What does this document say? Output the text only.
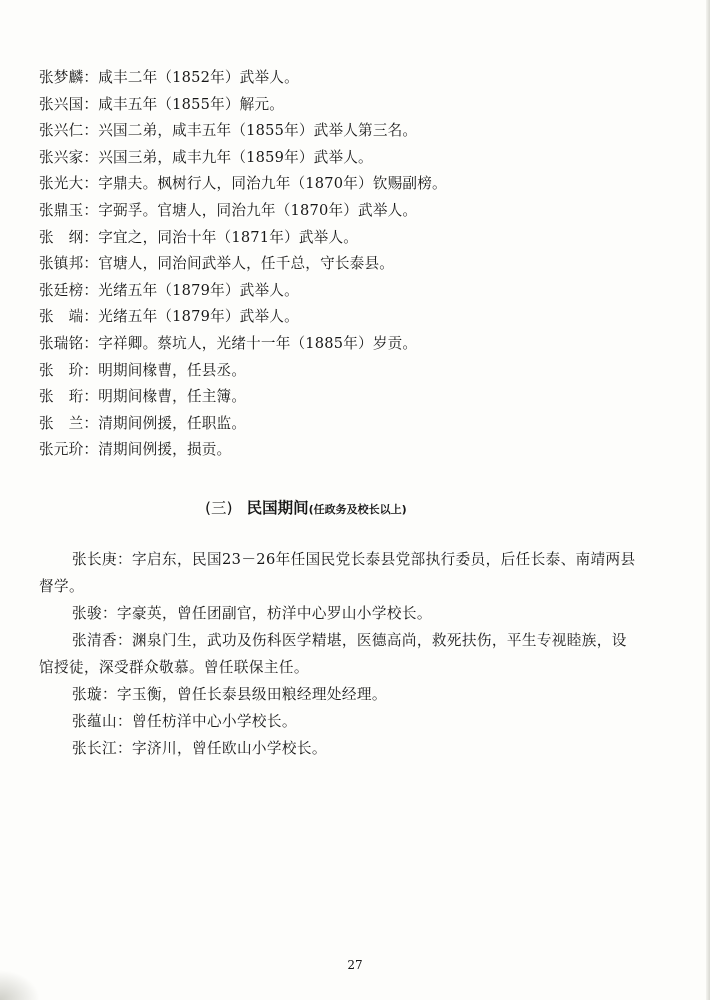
张梦麟：咸丰二年（1852年）武举人。
张兴国：咸丰五年（1855年）解元。
张兴仁：兴国二弟，咸丰五年（1855年）武举人第三名。
张兴家：兴国三弟，咸丰九年（1859年）武举人。
张光大：字鼎夫。枫树行人，同治九年（1870年）钦赐副榜。
张鼎玉：字弼孚。官塘人，同治九年（1870年）武举人。
张　纲：字宜之，同治十年（1871年）武举人。
张镇邦：官塘人，同治间武举人，任千总，守长泰县。
张廷榜：光绪五年（1879年）武举人。
张　端：光绪五年（1879年）武举人。
张瑞铭：字祥卿。蔡坑人，光绪十一年（1885年）岁贡。
张　玠：明期间椽曹，任县丞。
张　珩：明期间椽曹，任主簿。
张　兰：清期间例援，任职监。
张元玠：清期间例援，损贡。
(三) 民国期间(任政务及校长以上)
张长庚：字启东，民国23－26年任国民党长泰县党部执行委员，后任长泰、南靖两县督学。
张骏：字豪英，曾任团副官，枋洋中心罗山小学校长。
张清香：渊泉门生，武功及伤科医学精堪，医德高尚，救死扶伤，平生专视睦族，设馆授徒，深受群众敬慕。曾任联保主任。
张璇：字玉衡，曾任长泰县级田粮经理处经理。
张蕴山：曾任枋洋中心小学校长。
张长江：字济川，曾任欧山小学校长。
27
